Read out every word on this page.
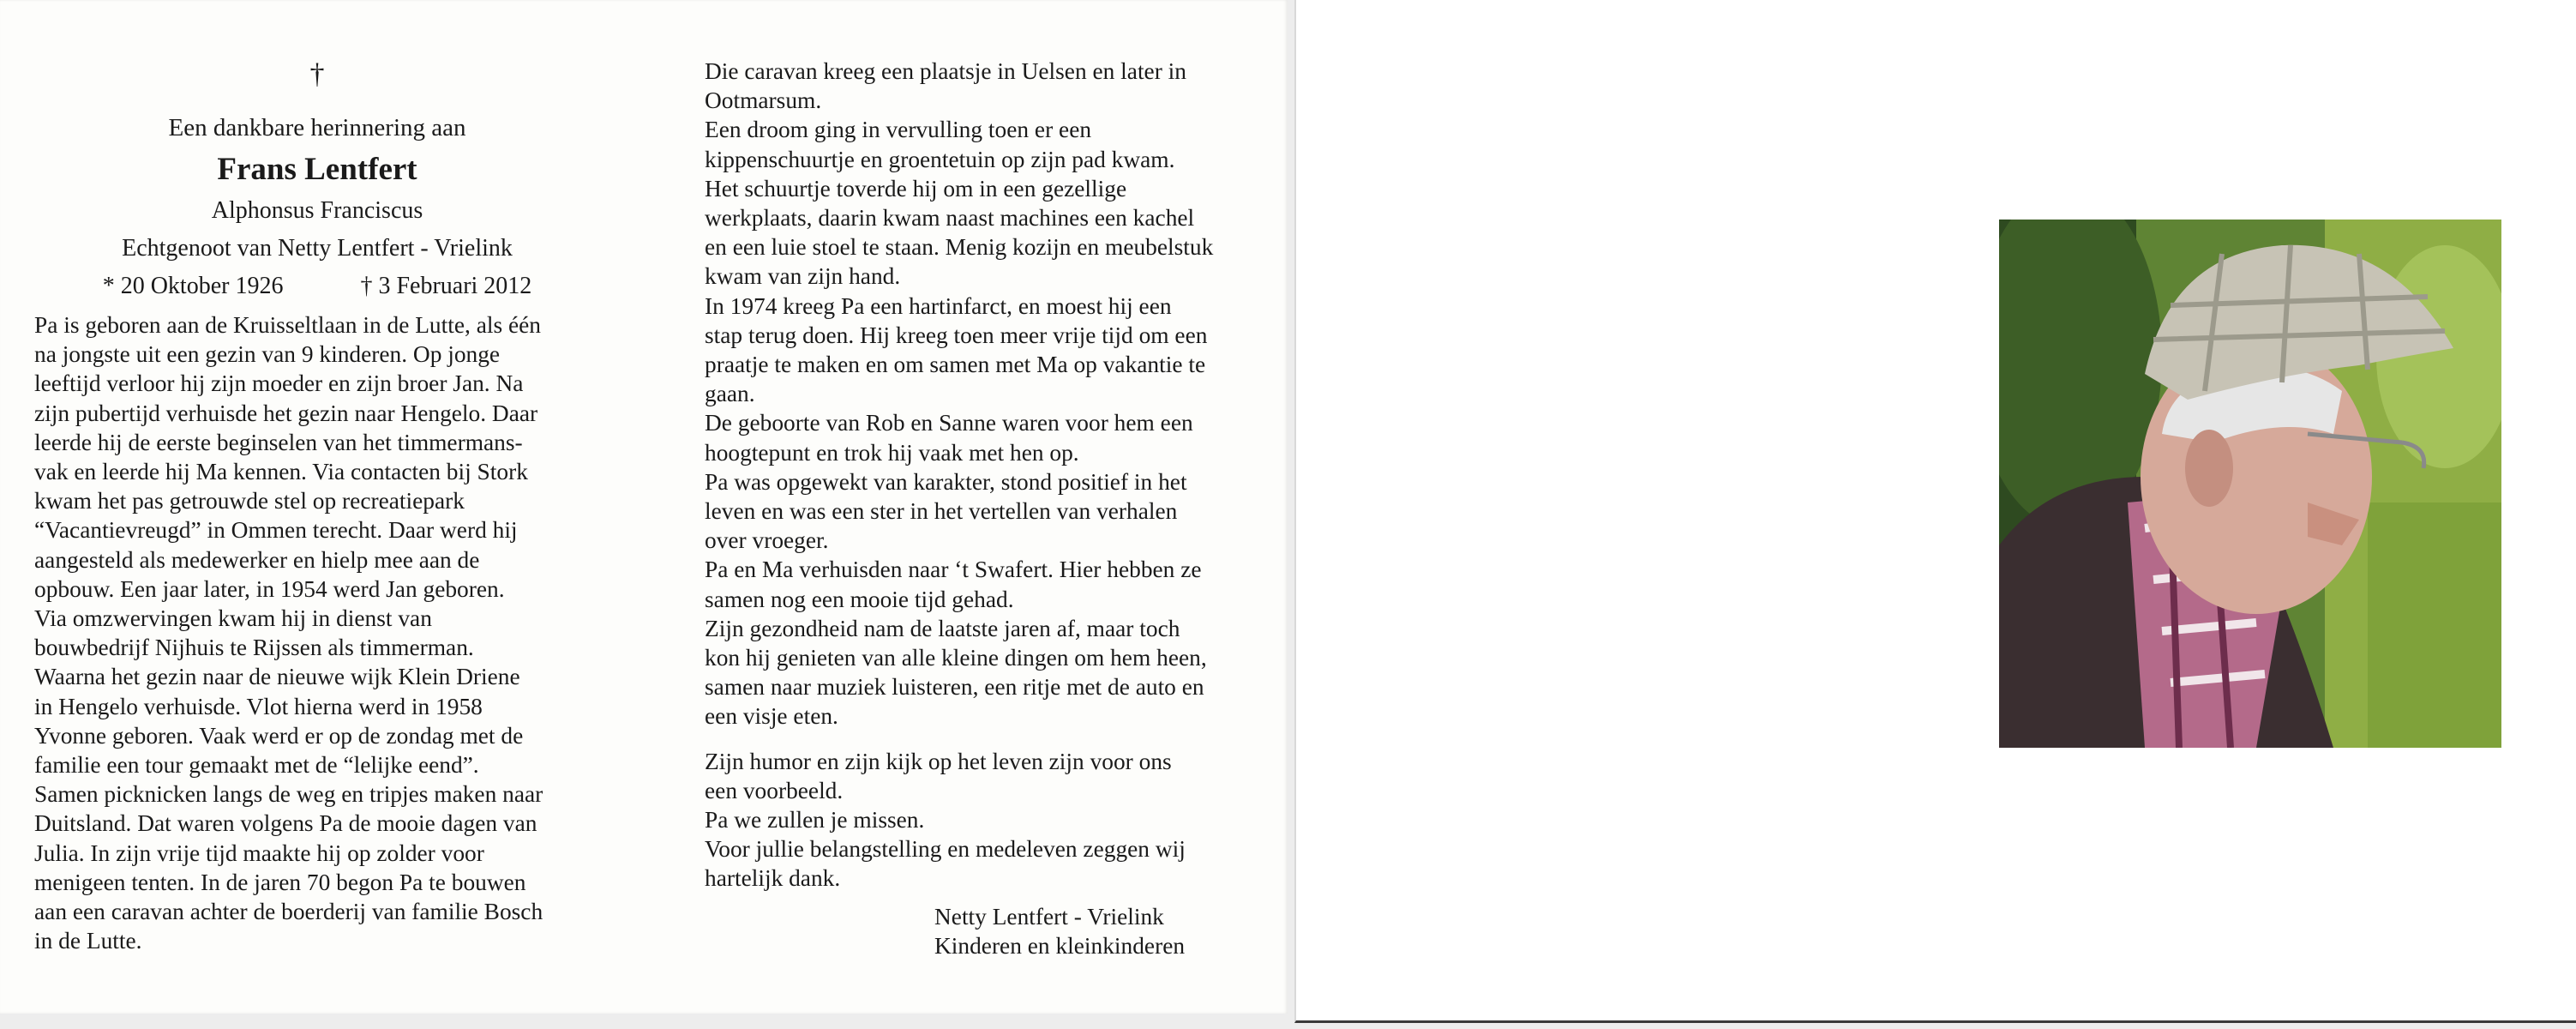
†
Een dankbare herinnering aan
Frans Lentfert
Alphonsus Franciscus
Echtgenoot van Netty Lentfert - Vrielink
* 20 Oktober 1926	† 3 Februari 2012

Pa is geboren aan de Kruisseltlaan in de Lutte, als één

na jongste uit een gezin van 9 kinderen. Op jonge

leeftijd verloor hij zijn moeder en zijn broer Jan. Na

zijn pubertijd verhuisde het gezin naar Hengelo. Daar

leerde hij de eerste beginselen van het timmermans-

vak en leerde hij Ma kennen. Via contacten bij Stork

kwam het pas getrouwde stel op recreatiepark

“Vacantievreugd” in Ommen terecht. Daar werd hij

aangesteld als medewerker en hielp mee aan de

opbouw. Een jaar later, in 1954 werd Jan geboren.

Via omzwervingen kwam hij in dienst van

bouwbedrijf Nijhuis te Rijssen als timmerman.

Waarna het gezin naar de nieuwe wijk Klein Driene

in Hengelo verhuisde. Vlot hierna werd in 1958

Yvonne geboren. Vaak werd er op de zondag met de

familie een tour gemaakt met de “lelijke eend”.

Samen picknicken langs de weg en tripjes maken naar

Duitsland. Dat waren volgens Pa de mooie dagen van

Julia. In zijn vrije tijd maakte hij op zolder voor

menigeen tenten. In de jaren 70 begon Pa te bouwen

aan een caravan achter de boerderij van familie Bosch

in de Lutte.

Die caravan kreeg een plaatsje in Uelsen en later in

Ootmarsum.

Een droom ging in vervulling toen er een

kippenschuurtje en groentetuin op zijn pad kwam.

Het schuurtje toverde hij om in een gezellige

werkplaats, daarin kwam naast machines een kachel

en een luie stoel te staan. Menig kozijn en meubelstuk

kwam van zijn hand.

In 1974 kreeg Pa een hartinfarct, en moest hij een

stap terug doen. Hij kreeg toen meer vrije tijd om een

praatje te maken en om samen met Ma op vakantie te

gaan.

De geboorte van Rob en Sanne waren voor hem een

hoogtepunt en trok hij vaak met hen op.

Pa was opgewekt van karakter, stond positief in het

leven en was een ster in het vertellen van verhalen

over vroeger.

Pa en Ma verhuisden naar ‘t Swafert. Hier hebben ze

samen nog een mooie tijd gehad.

Zijn gezondheid nam de laatste jaren af, maar toch

kon hij genieten van alle kleine dingen om hem heen,

samen naar muziek luisteren, een ritje met de auto en

een visje eten.

Zijn humor en zijn kijk op het leven zijn voor ons

een voorbeeld.

Pa we zullen je missen.

Voor jullie belangstelling en medeleven zeggen wij

hartelijk dank.

Netty Lentfert - Vrielink
Kinderen en kleinkinderen
